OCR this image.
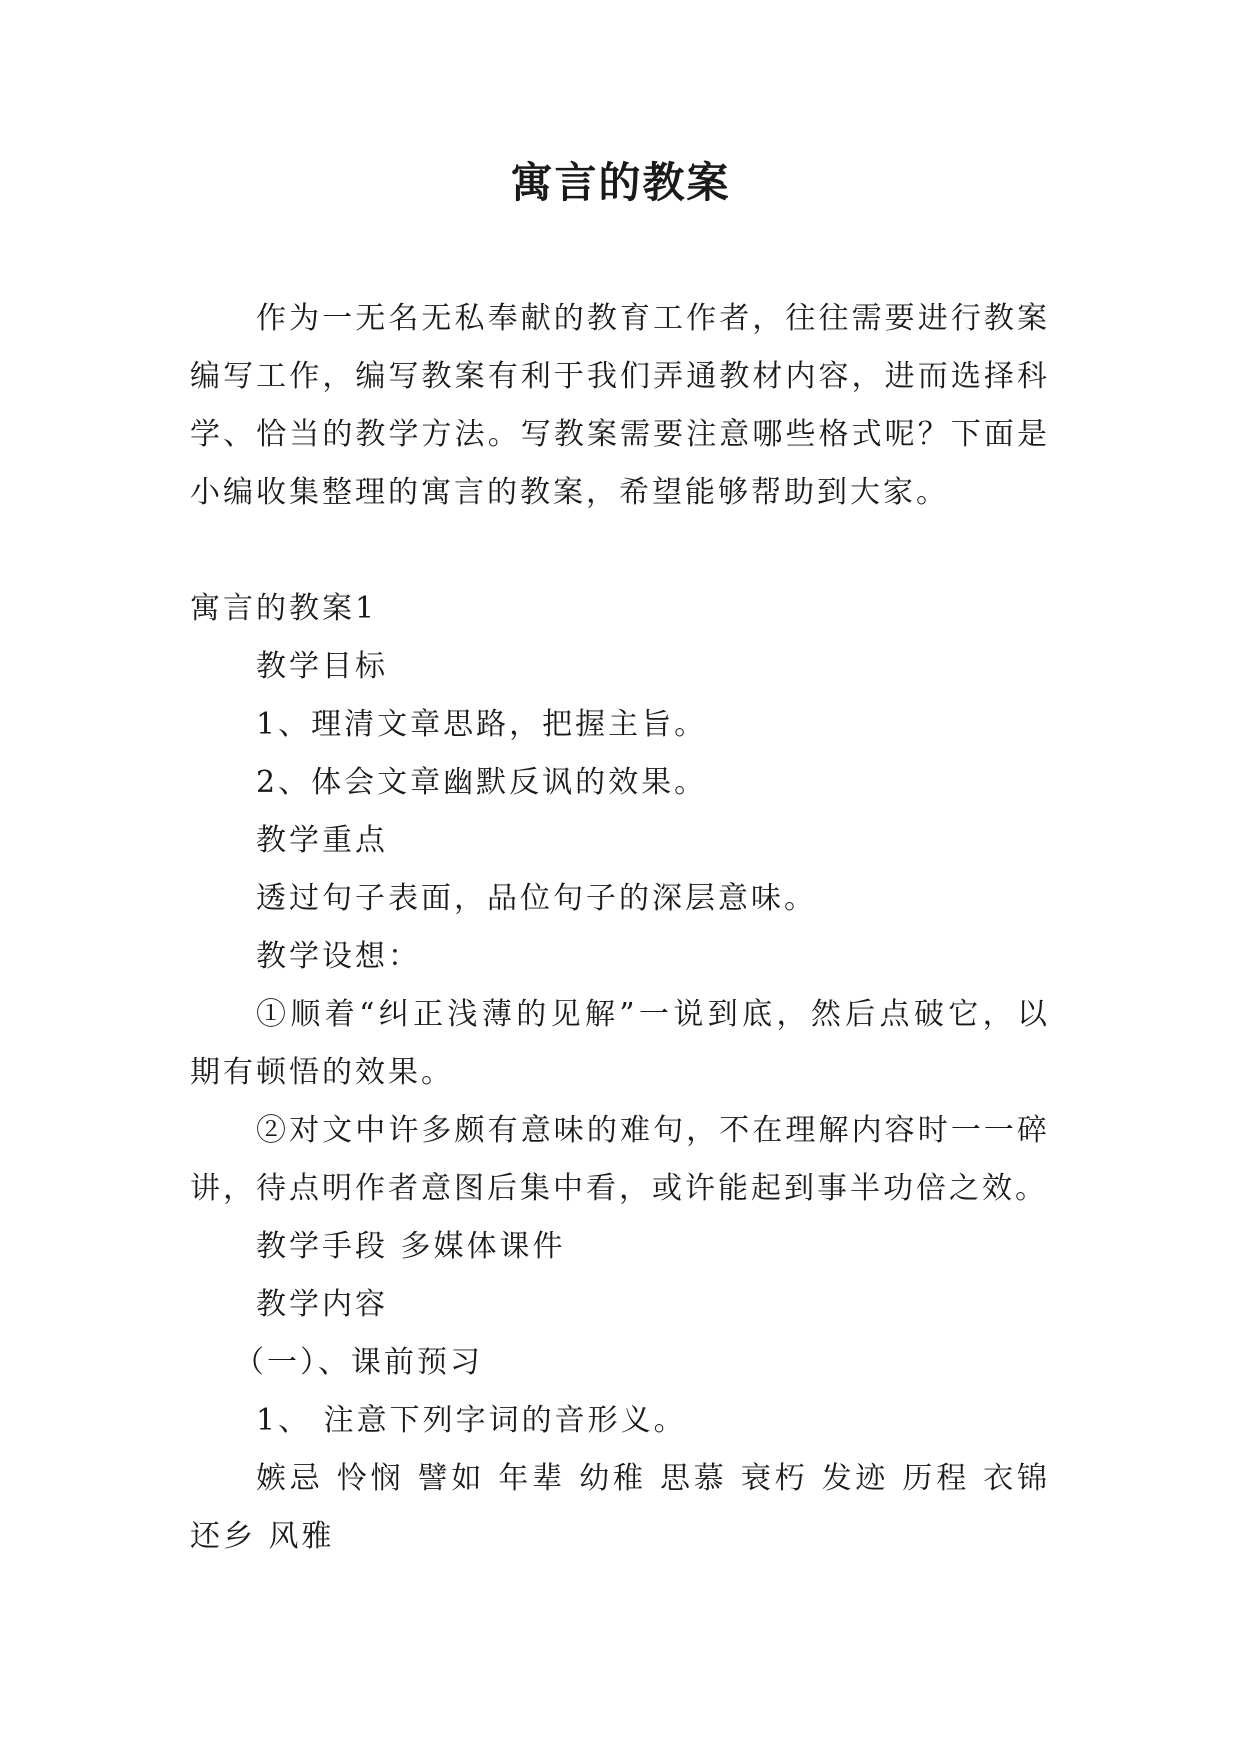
寓言的教案

作为一无名无私奉献的教育工作者，往往需要进行教案编写工作，编写教案有利于我们弄通教材内容，进而选择科学、恰当的教学方法。写教案需要注意哪些格式呢？下面是小编收集整理的寓言的教案，希望能够帮助到大家。

寓言的教案1

教学目标

1、理清文章思路，把握主旨。

2、体会文章幽默反讽的效果。

教学重点

透过句子表面，品位句子的深层意味。

教学设想：

①顺着“纠正浅薄的见解”一说到底，然后点破它，以期有顿悟的效果。

②对文中许多颇有意味的难句，不在理解内容时一一碎讲，待点明作者意图后集中看，或许能起到事半功倍之效。

教学手段 多媒体课件

教学内容

（一）、课前预习

1、 注意下列字词的音形义。

嫉忌 怜悯 譬如 年辈 幼稚 思慕 衰朽 发迹 历程 衣锦还乡 风雅
